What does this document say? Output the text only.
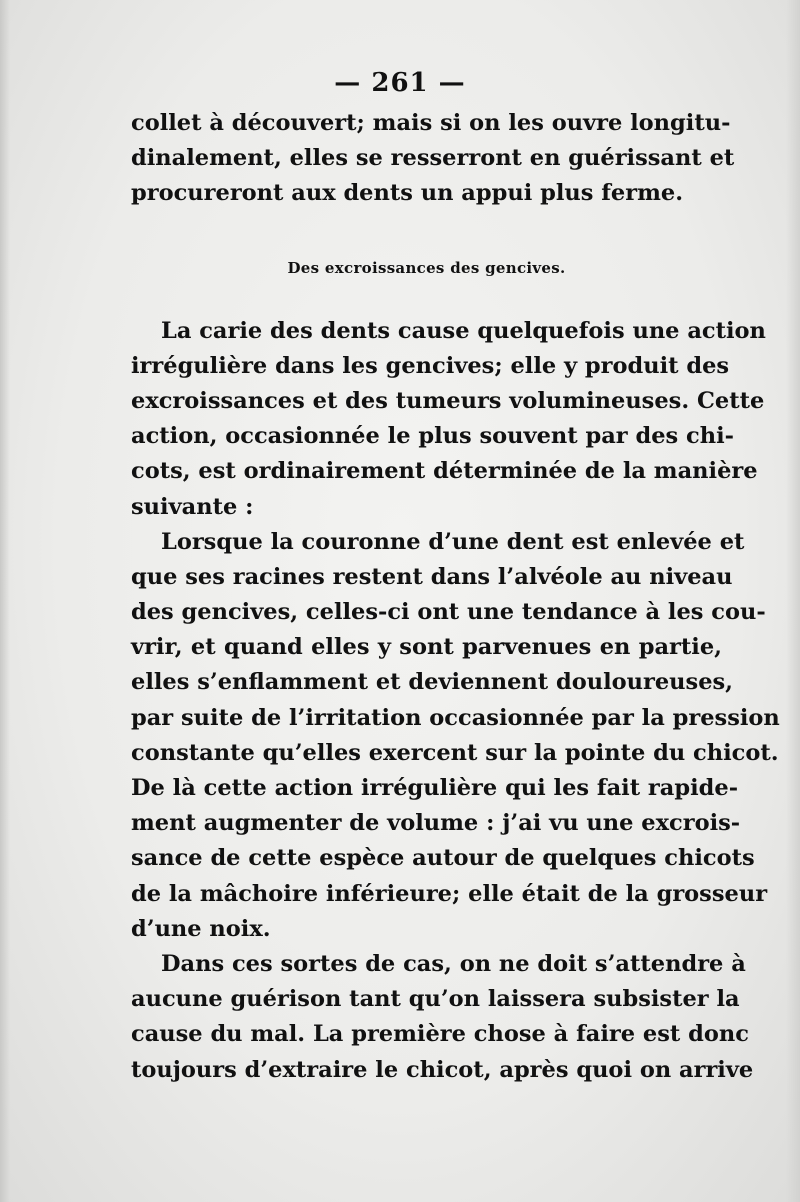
— 261 —
collet à découvert; mais si on les ouvre longitu-
dinalement, elles se resserront en guérissant et
procureront aux dents un appui plus ferme.
Des excroissances des gencives.
La carie des dents cause quelquefois une action
irrégulière dans les gencives; elle y produit des
excroissances et des tumeurs volumineuses. Cette
action, occasionnée le plus souvent par des chi-
cots, est ordinairement déterminée de la manière
suivante :
Lorsque la couronne d’une dent est enlevée et
que ses racines restent dans l’alvéole au niveau
des gencives, celles-ci ont une tendance à les cou-
vrir, et quand elles y sont parvenues en partie,
elles s’enflamment et deviennent douloureuses,
par suite de l’irritation occasionnée par la pression
constante qu’elles exercent sur la pointe du chicot.
De là cette action irrégulière qui les fait rapide-
ment augmenter de volume : j’ai vu une excrois-
sance de cette espèce autour de quelques chicots
de la mâchoire inférieure; elle était de la grosseur
d’une noix.
Dans ces sortes de cas, on ne doit s’attendre à
aucune guérison tant qu’on laissera subsister la
cause du mal. La première chose à faire est donc
toujours d’extraire le chicot, après quoi on arrive
